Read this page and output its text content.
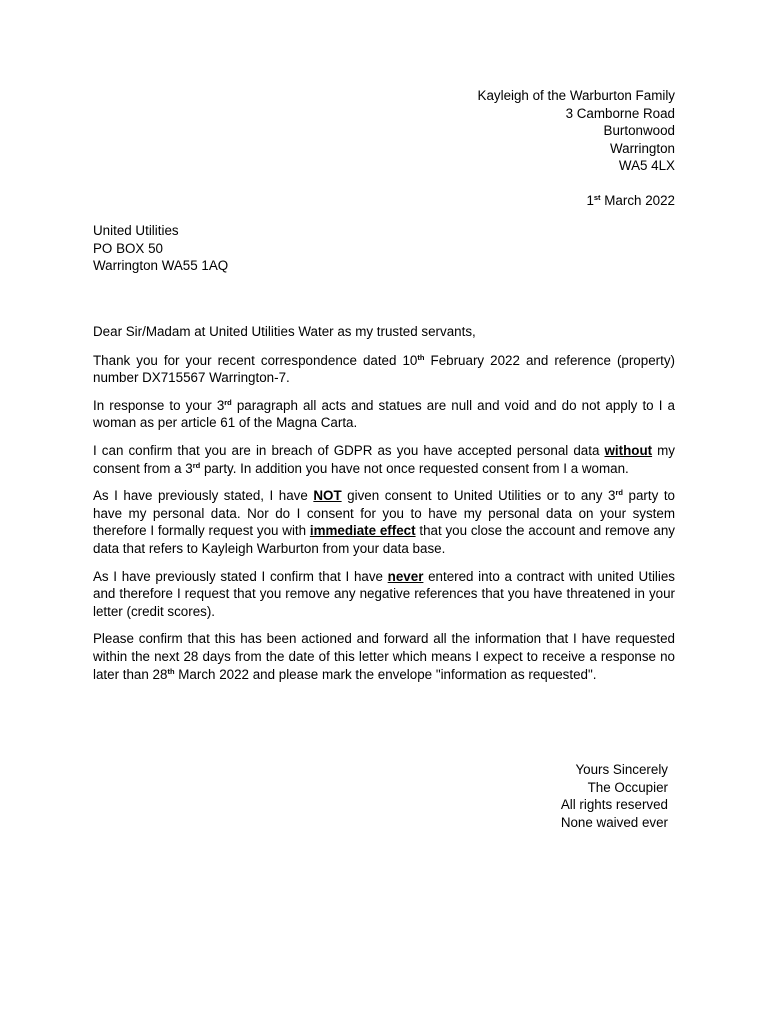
Kayleigh of the Warburton Family
3 Camborne Road
Burtonwood
Warrington
WA5 4LX
1st March 2022
United Utilities
PO BOX 50
Warrington WA55 1AQ

Dear Sir/Madam at United Utilities Water as my trusted servants,

Thank you for your recent correspondence dated 10th February 2022 and reference (property) number DX715567 Warrington-7.

In response to your 3rd paragraph all acts and statues are null and void and do not apply to I a woman as per article 61 of the Magna Carta.

I can confirm that you are in breach of GDPR as you have accepted personal data without my consent from a 3rd party. In addition you have not once requested consent from I a woman.

As I have previously stated, I have NOT given consent to United Utilities or to any 3rd party to have my personal data. Nor do I consent for you to have my personal data on your system therefore I formally request you with immediate effect that you close the account and remove any data that refers to Kayleigh Warburton from your data base.

As I have previously stated I confirm that I have never entered into a contract with united Utilies and therefore I request that you remove any negative references that you have threatened in your letter (credit scores).

Please confirm that this has been actioned and forward all the information that I have requested within the next 28 days from the date of this letter which means I expect to receive a response no later than 28th March 2022 and please mark the envelope "information as requested".

Yours Sincerely
The Occupier
All rights reserved
None waived ever
